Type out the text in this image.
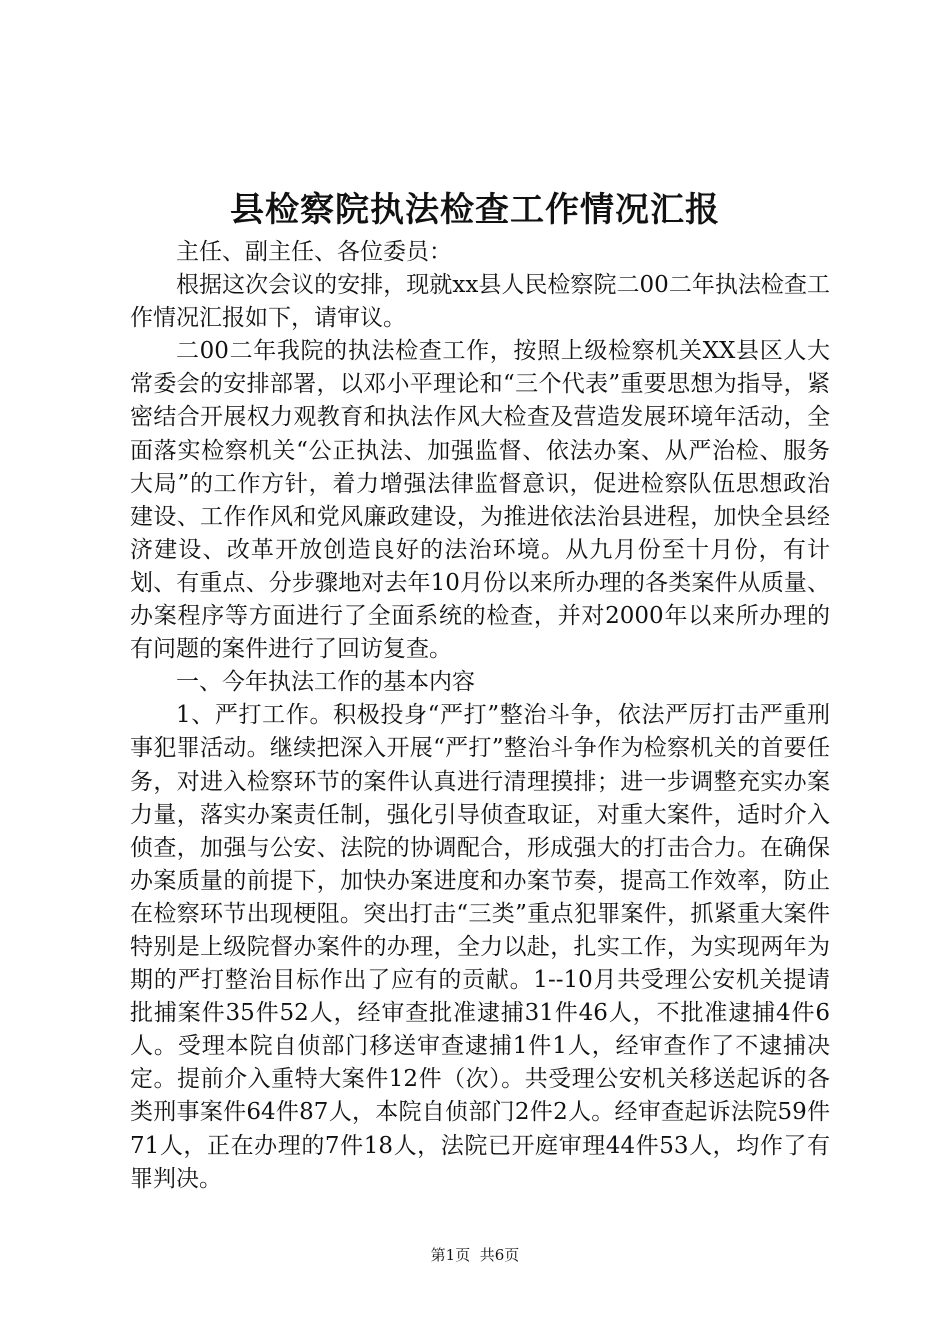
县检察院执法检查工作情况汇报

主任、副主任、各位委员：

根据这次会议的安排，现就xx县人民检察院二00二年执法检查工作情况汇报如下，请审议。

二00二年我院的执法检查工作，按照上级检察机关XX县区人大常委会的安排部署，以邓小平理论和“三个代表”重要思想为指导，紧密结合开展权力观教育和执法作风大检查及营造发展环境年活动，全面落实检察机关“公正执法、加强监督、依法办案、从严治检、服务大局”的工作方针，着力增强法律监督意识，促进检察队伍思想政治建设、工作作风和党风廉政建设，为推进依法治县进程，加快全县经济建设、改革开放创造良好的法治环境。从九月份至十月份，有计划、有重点、分步骤地对去年10月份以来所办理的各类案件从质量、办案程序等方面进行了全面系统的检查，并对2000年以来所办理的有问题的案件进行了回访复查。

一、今年执法工作的基本内容

1、严打工作。积极投身“严打”整治斗争，依法严厉打击严重刑事犯罪活动。继续把深入开展“严打”整治斗争作为检察机关的首要任务，对进入检察环节的案件认真进行清理摸排；进一步调整充实办案力量，落实办案责任制，强化引导侦查取证，对重大案件，适时介入侦查，加强与公安、法院的协调配合，形成强大的打击合力。在确保办案质量的前提下，加快办案进度和办案节奏，提高工作效率，防止在检察环节出现梗阻。突出打击“三类”重点犯罪案件，抓紧重大案件特别是上级院督办案件的办理，全力以赴，扎实工作，为实现两年为期的严打整治目标作出了应有的贡献。1--10月共受理公安机关提请批捕案件35件52人，经审查批准逮捕31件46人，不批准逮捕4件6人。受理本院自侦部门移送审查逮捕1件1人，经审查作了不逮捕决定。提前介入重特大案件12件（次）。共受理公安机关移送起诉的各类刑事案件64件87人，本院自侦部门2件2人。经审查起诉法院59件71人，正在办理的7件18人，法院已开庭审理44件53人，均作了有罪判决。

第1页 共6页
